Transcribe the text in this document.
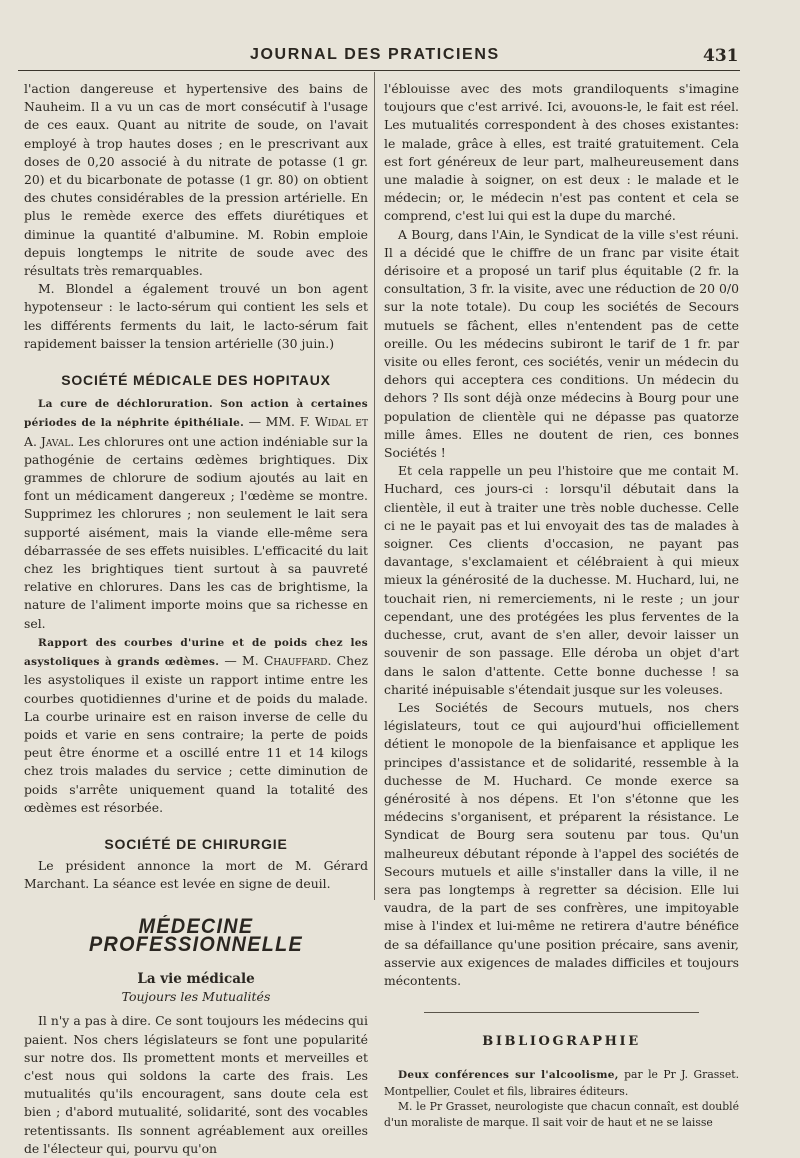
JOURNAL DES PRATICIENS	431

l'action dangereuse et hypertensive des bains de Nauheim. Il a vu un cas de mort consécutif à l'usage de ces eaux. Quant au nitrite de soude, on l'avait employé à trop hautes doses ; en le prescrivant aux doses de 0,20 associé à du nitrate de potasse (1 gr. 20) et du bicarbonate de potasse (1 gr. 80) on obtient des chutes considérables de la pression artérielle. En plus le remède exerce des effets diurétiques et diminue la quantité d'albumine. M. Robin emploie depuis longtemps le nitrite de soude avec des résultats très remarquables.

M. Blondel a également trouvé un bon agent hypotenseur : le lacto-sérum qui contient les sels et les différents ferments du lait, le lacto-sérum fait rapidement baisser la tension artérielle (30 juin.)

SOCIÉTÉ MÉDICALE DES HOPITAUX

La cure de déchloruration. Son action à certaines périodes de la néphrite épithéliale. — MM. F. Widal et A. Javal. Les chlorures ont une action indéniable sur la pathogénie de certains œdèmes brightiques. Dix grammes de chlorure de sodium ajoutés au lait en font un médicament dangereux ; l'œdème se montre. Supprimez les chlorures ; non seulement le lait sera supporté aisément, mais la viande elle-même sera débarrassée de ses effets nuisibles. L'efficacité du lait chez les brightiques tient surtout à sa pauvreté relative en chlorures. Dans les cas de brightisme, la nature de l'aliment importe moins que sa richesse en sel.

Rapport des courbes d'urine et de poids chez les asystoliques à grands œdèmes. — M. Chauffard. Chez les asystoliques il existe un rapport intime entre les courbes quotidiennes d'urine et de poids du malade. La courbe urinaire est en raison inverse de celle du poids et varie en sens contraire; la perte de poids peut être énorme et a oscillé entre 11 et 14 kilogs chez trois malades du service ; cette diminution de poids s'arrête uniquement quand la totalité des œdèmes est résorbée.

SOCIÉTÉ DE CHIRURGIE

Le président annonce la mort de M. Gérard Marchant. La séance est levée en signe de deuil.

MÉDECINE PROFESSIONNELLE

La vie médicale

Toujours les Mutualités

Il n'y a pas à dire. Ce sont toujours les médecins qui paient. Nos chers législateurs se font une popularité sur notre dos. Ils promettent monts et merveilles et c'est nous qui soldons la carte des frais. Les mutualités qu'ils encouragent, sans doute cela est bien ; d'abord mutualité, solidarité, sont des vocables retentissants. Ils sonnent agréablement aux oreilles de l'électeur qui, pourvu qu'on

l'éblouisse avec des mots grandiloquents s'imagine toujours que c'est arrivé. Ici, avouons-le, le fait est réel. Les mutualités correspondent à des choses existantes: le malade, grâce à elles, est traité gratuitement. Cela est fort généreux de leur part, malheureusement dans une maladie à soigner, on est deux : le malade et le médecin; or, le médecin n'est pas content et cela se comprend, c'est lui qui est la dupe du marché.

A Bourg, dans l'Ain, le Syndicat de la ville s'est réuni. Il a décidé que le chiffre de un franc par visite était dérisoire et a proposé un tarif plus équitable (2 fr. la consultation, 3 fr. la visite, avec une réduction de 20 0/0 sur la note totale). Du coup les sociétés de Secours mutuels se fâchent, elles n'entendent pas de cette oreille. Ou les médecins subiront le tarif de 1 fr. par visite ou elles feront, ces sociétés, venir un médecin du dehors qui acceptera ces conditions. Un médecin du dehors ? Ils sont déjà onze médecins à Bourg pour une population de clientèle qui ne dépasse pas quatorze mille âmes. Elles ne doutent de rien, ces bonnes Sociétés !

Et cela rappelle un peu l'histoire que me contait M. Huchard, ces jours-ci : lorsqu'il débutait dans la clientèle, il eut à traiter une très noble duchesse. Celle ci ne le payait pas et lui envoyait des tas de malades à soigner. Ces clients d'occasion, ne payant pas davantage, s'exclamaient et célébraient à qui mieux mieux la générosité de la duchesse. M. Huchard, lui, ne touchait rien, ni remerciements, ni le reste ; un jour cependant, une des protégées les plus ferventes de la duchesse, crut, avant de s'en aller, devoir laisser un souvenir de son passage. Elle déroba un objet d'art dans le salon d'attente. Cette bonne duchesse ! sa charité inépuisable s'étendait jusque sur les voleuses.

Les Sociétés de Secours mutuels, nos chers législateurs, tout ce qui aujourd'hui officiellement détient le monopole de la bienfaisance et applique les principes d'assistance et de solidarité, ressemble à la duchesse de M. Huchard. Ce monde exerce sa générosité à nos dépens. Et l'on s'étonne que les médecins s'organisent, et préparent la résistance. Le Syndicat de Bourg sera soutenu par tous. Qu'un malheureux débutant réponde à l'appel des sociétés de Secours mutuels et aille s'installer dans la ville, il ne sera pas longtemps à regretter sa décision. Elle lui vaudra, de la part de ses confrères, une impitoyable mise à l'index et lui-même ne retirera d'autre bénéfice de sa défaillance qu'une position précaire, sans avenir, asservie aux exigences de malades difficiles et toujours mécontents.

BIBLIOGRAPHIE

Deux conférences sur l'alcoolisme, par le Pr J. Grasset. Montpellier, Coulet et fils, libraires éditeurs.

M. le Pr Grasset, neurologiste que chacun connaît, est doublé d'un moraliste de marque. Il sait voir de haut et ne se laisse
